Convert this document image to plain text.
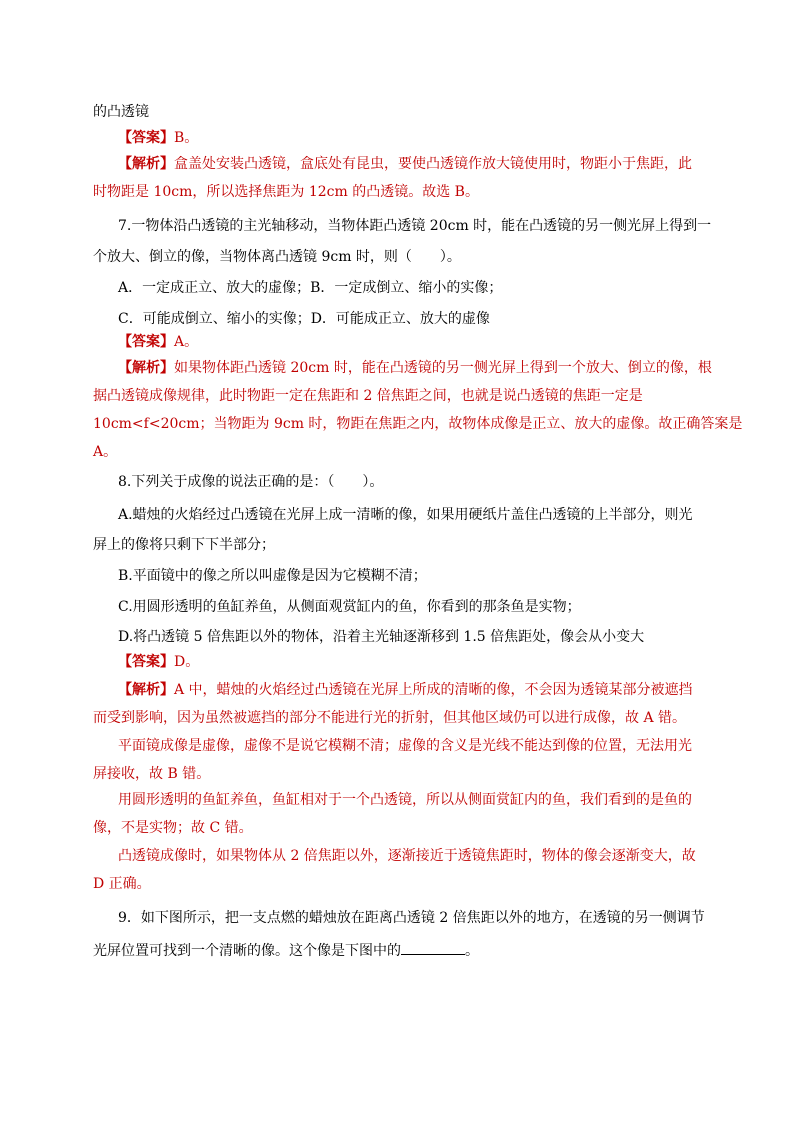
的凸透镜
【答案】B。
【解析】盒盖处安装凸透镜，盒底处有昆虫，要使凸透镜作放大镜使用时，物距小于焦距，此
时物距是 10cm，所以选择焦距为 12cm 的凸透镜。故选 B。
7.一物体沿凸透镜的主光轴移动，当物体距凸透镜 20cm 时，能在凸透镜的另一侧光屏上得到一
个放大、倒立的像，当物体离凸透镜 9cm 时，则（　　）。
A．一定成正立、放大的虚像；B．一定成倒立、缩小的实像；
C．可能成倒立、缩小的实像；D．可能成正立、放大的虚像
【答案】A。
【解析】如果物体距凸透镜 20cm 时，能在凸透镜的另一侧光屏上得到一个放大、倒立的像，根
据凸透镜成像规律，此时物距一定在焦距和 2 倍焦距之间，也就是说凸透镜的焦距一定是
10cm<f<20cm；当物距为 9cm 时，物距在焦距之内，故物体成像是正立、放大的虚像。故正确答案是
A。
8.下列关于成像的说法正确的是：（　　）。
A.蜡烛的火焰经过凸透镜在光屏上成一清晰的像，如果用硬纸片盖住凸透镜的上半部分，则光
屏上的像将只剩下下半部分；
B.平面镜中的像之所以叫虚像是因为它模糊不清；
C.用圆形透明的鱼缸养鱼，从侧面观赏缸内的鱼，你看到的那条鱼是实物；
D.将凸透镜 5 倍焦距以外的物体，沿着主光轴逐渐移到 1.5 倍焦距处，像会从小变大
【答案】D。
【解析】A 中，蜡烛的火焰经过凸透镜在光屏上所成的清晰的像，不会因为透镜某部分被遮挡
而受到影响，因为虽然被遮挡的部分不能进行光的折射，但其他区域仍可以进行成像，故 A 错。
平面镜成像是虚像，虚像不是说它模糊不清；虚像的含义是光线不能达到像的位置，无法用光
屏接收，故 B 错。
用圆形透明的鱼缸养鱼，鱼缸相对于一个凸透镜，所以从侧面赏缸内的鱼，我们看到的是鱼的
像，不是实物；故 C 错。
凸透镜成像时，如果物体从 2 倍焦距以外，逐渐接近于透镜焦距时，物体的像会逐渐变大，故
D 正确。
9．如下图所示，把一支点燃的蜡烛放在距离凸透镜 2 倍焦距以外的地方，在透镜的另一侧调节
光屏位置可找到一个清晰的像。这个像是下图中的	。
